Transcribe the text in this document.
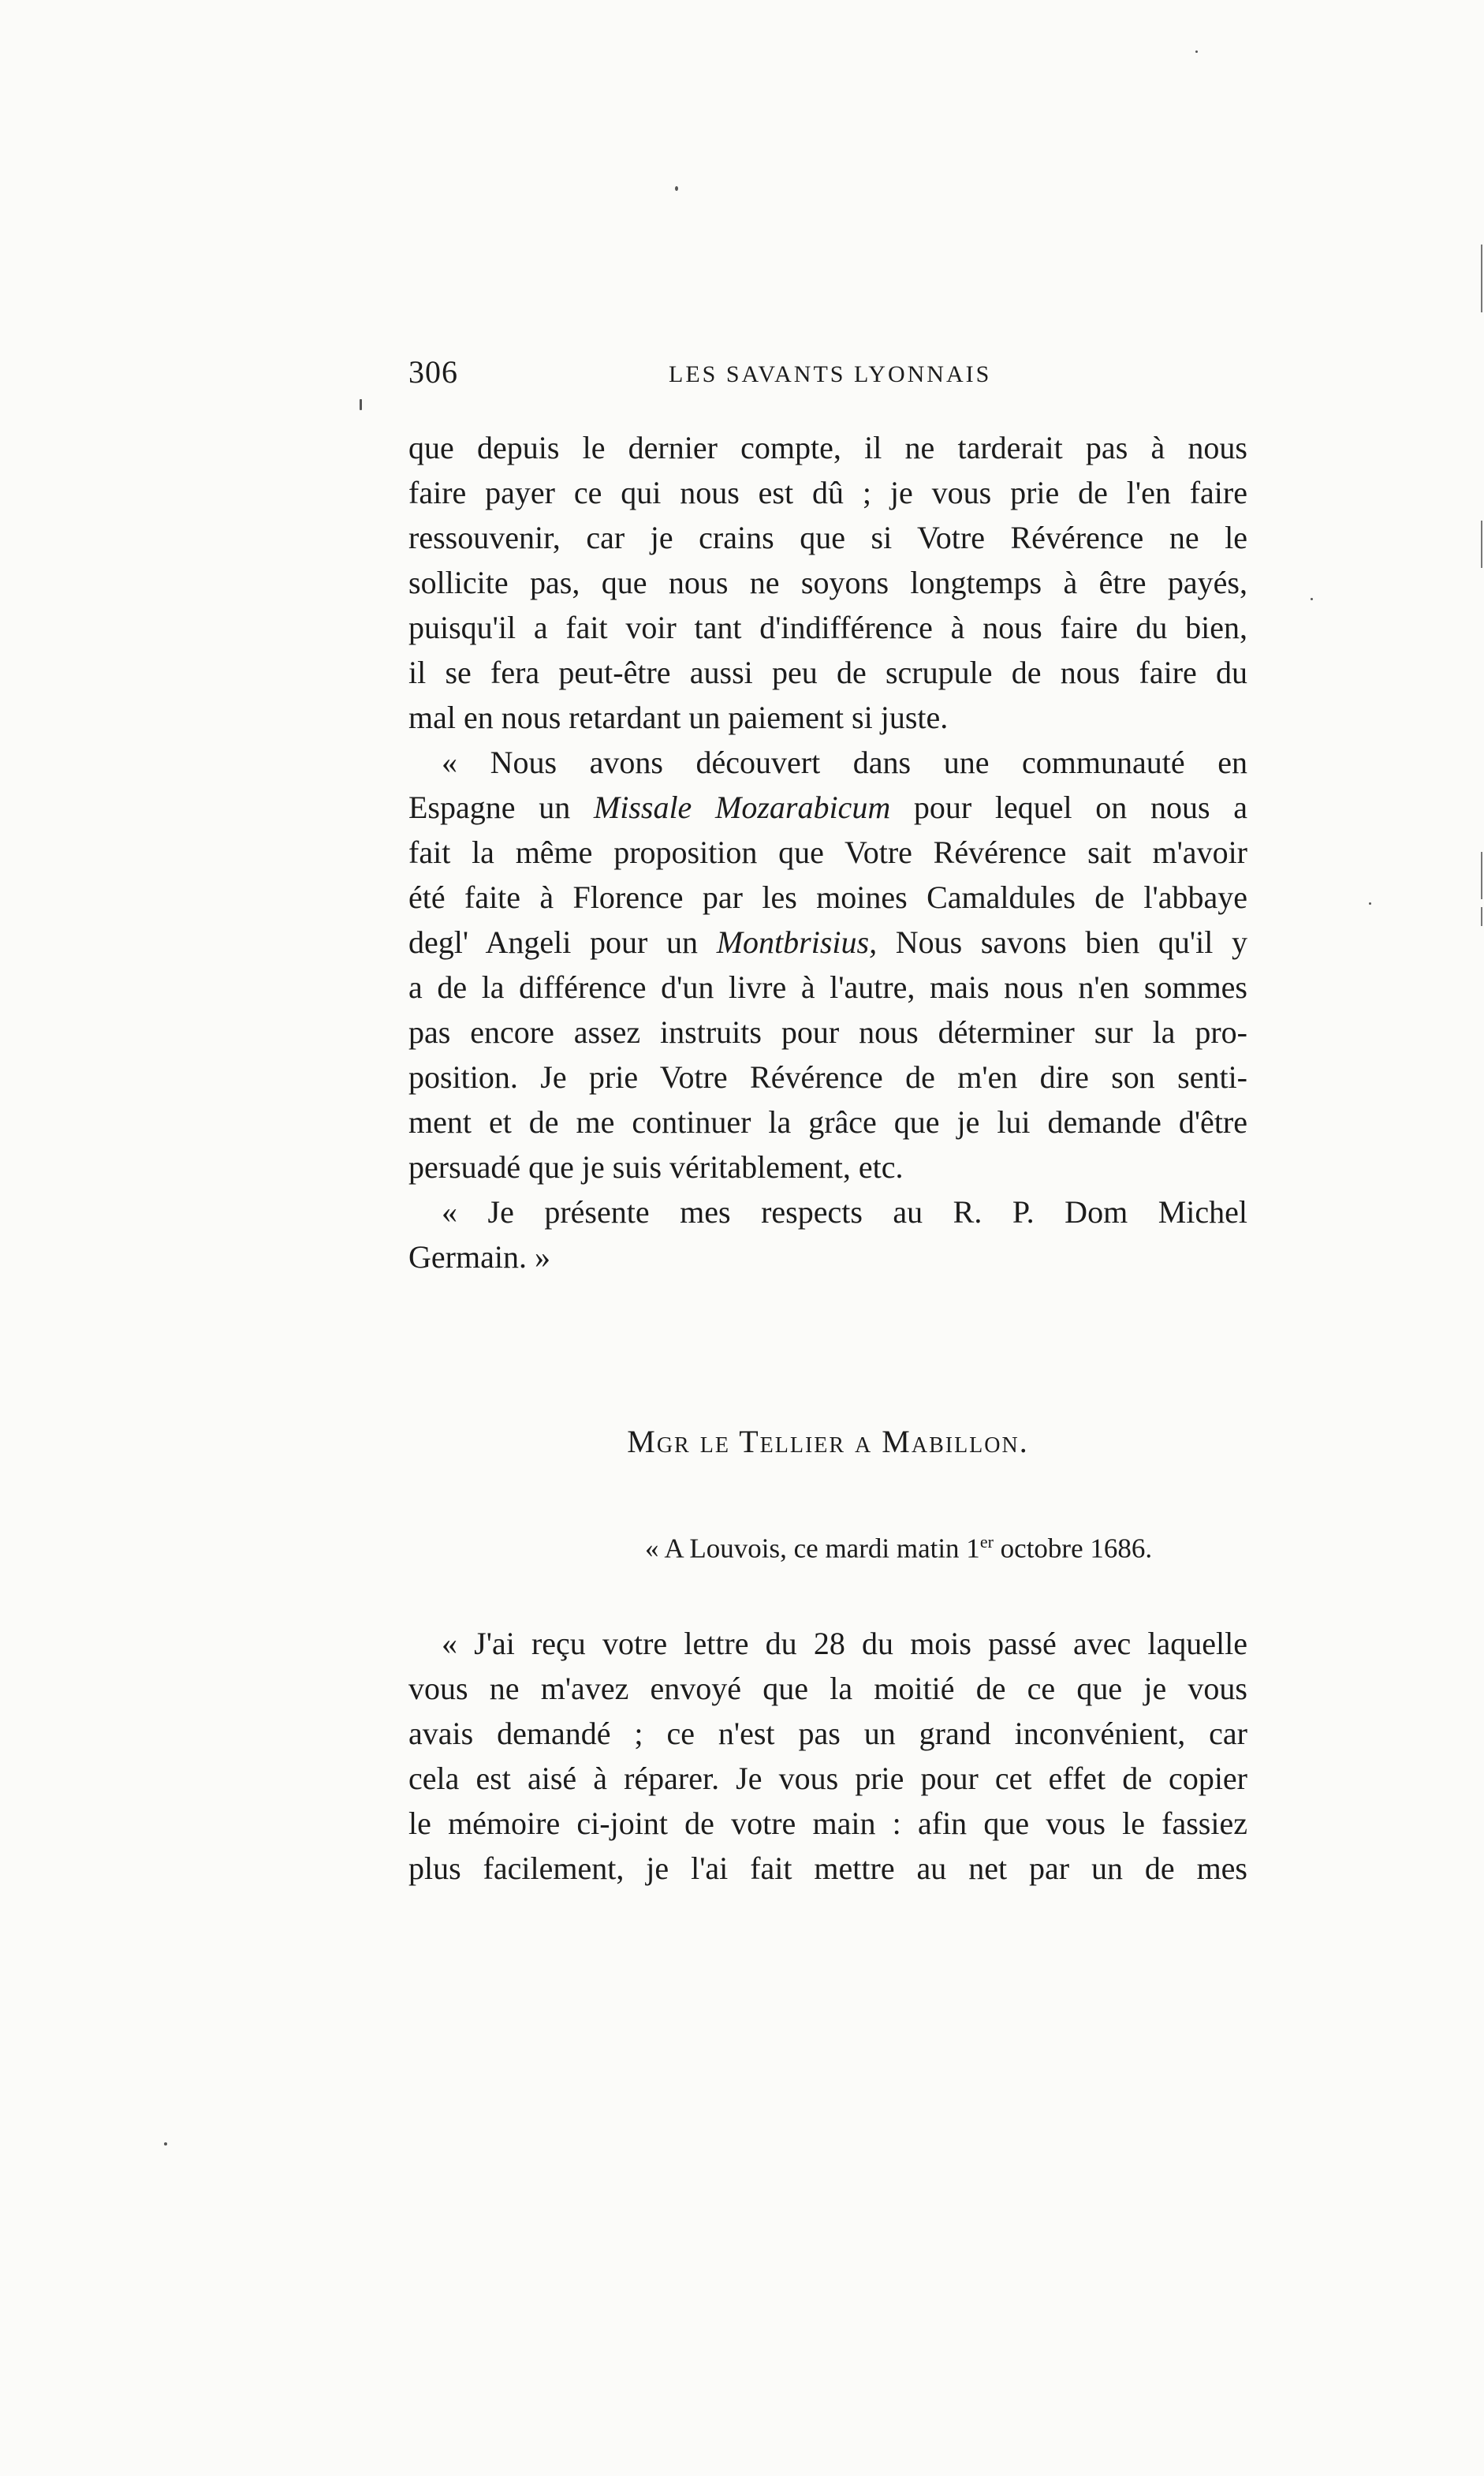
306	LES SAVANTS LYONNAIS
que depuis le dernier compte, il ne tarderait pas à nous
faire payer ce qui nous est dû ; je vous prie de l'en faire
ressouvenir, car je crains que si Votre Révérence ne le
sollicite pas, que nous ne soyons longtemps à être payés,
puisqu'il a fait voir tant d'indifférence à nous faire du bien,
il se fera peut-être aussi peu de scrupule de nous faire du
mal en nous retardant un paiement si juste.
« Nous avons découvert dans une communauté en
Espagne un Missale Mozarabicum pour lequel on nous a
fait la même proposition que Votre Révérence sait m'avoir
été faite à Florence par les moines Camaldules de l'abbaye
degl' Angeli pour un Montbrisius, Nous savons bien qu'il y
a de la différence d'un livre à l'autre, mais nous n'en sommes
pas encore assez instruits pour nous déterminer sur la pro-
position. Je prie Votre Révérence de m'en dire son senti-
ment et de me continuer la grâce que je lui demande d'être
persuadé que je suis véritablement, etc.
« Je présente mes respects au R. P. Dom Michel
Germain. »
Mgr le Tellier a Mabillon.
« A Louvois, ce mardi matin 1er octobre 1686.
« J'ai reçu votre lettre du 28 du mois passé avec laquelle
vous ne m'avez envoyé que la moitié de ce que je vous
avais demandé ; ce n'est pas un grand inconvénient, car
cela est aisé à réparer. Je vous prie pour cet effet de copier
le mémoire ci-joint de votre main : afin que vous le fassiez
plus facilement, je l'ai fait mettre au net par un de mes
